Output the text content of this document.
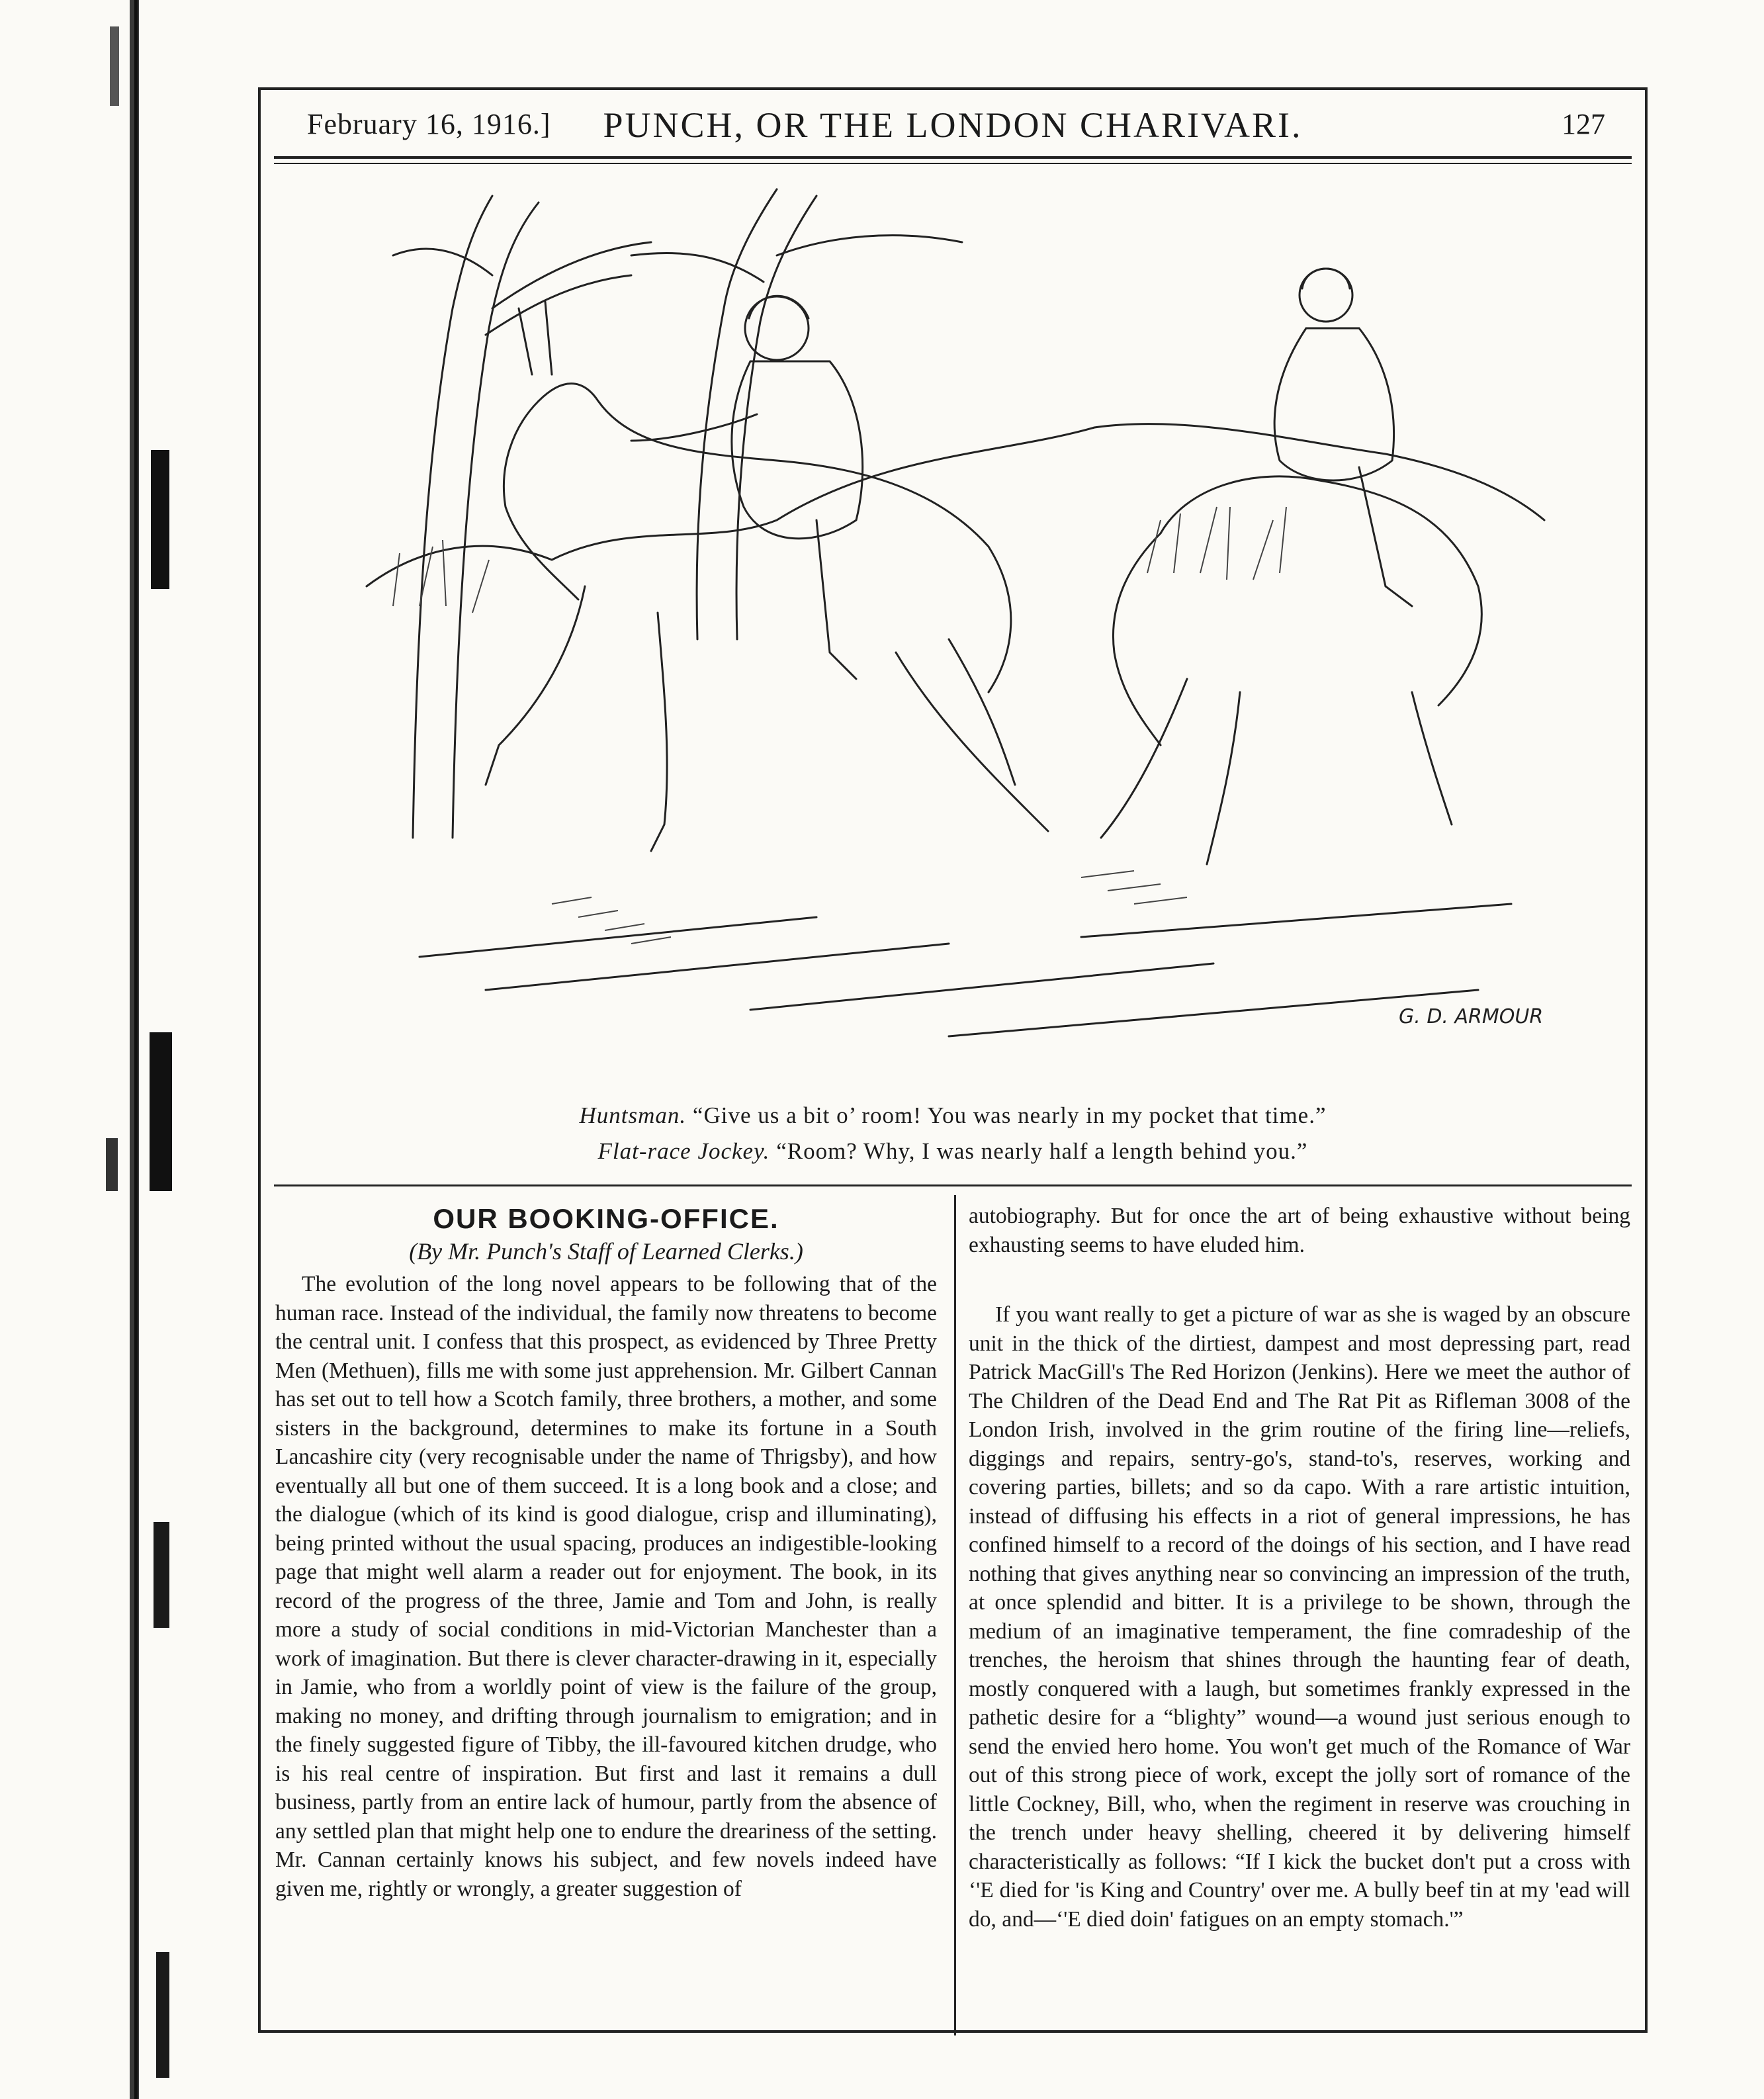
February 16, 1916.]	PUNCH, OR THE LONDON CHARIVARI.	127
G. D. ARMOUR
Huntsman. “Give us a bit o’ room! You was nearly in my pocket that time.”
Flat-race Jockey. “Room? Why, I was nearly half a length behind you.”
OUR BOOKING-OFFICE.
(By Mr. Punch's Staff of Learned Clerks.)

The evolution of the long novel appears to be following that of the human race. Instead of the individual, the family now threatens to become the central unit. I confess that this prospect, as evidenced by Three Pretty Men (Methuen), fills me with some just apprehension. Mr. Gilbert Cannan has set out to tell how a Scotch family, three brothers, a mother, and some sisters in the background, determines to make its fortune in a South Lancashire city (very recognisable under the name of Thrigsby), and how eventually all but one of them succeed. It is a long book and a close; and the dialogue (which of its kind is good dialogue, crisp and illuminating), being printed without the usual spacing, produces an indigestible-looking page that might well alarm a reader out for enjoyment. The book, in its record of the progress of the three, Jamie and Tom and John, is really more a study of social conditions in mid-Victorian Manchester than a work of imagination. But there is clever character-drawing in it, especially in Jamie, who from a worldly point of view is the failure of the group, making no money, and drifting through journalism to emigration; and in the finely suggested figure of Tibby, the ill-favoured kitchen drudge, who is his real centre of inspiration. But first and last it remains a dull business, partly from an entire lack of humour, partly from the absence of any settled plan that might help one to endure the dreariness of the setting. Mr. Cannan certainly knows his subject, and few novels indeed have given me, rightly or wrongly, a greater suggestion of

autobiography. But for once the art of being exhaustive without being exhausting seems to have eluded him.

If you want really to get a picture of war as she is waged by an obscure unit in the thick of the dirtiest, dampest and most depressing part, read Patrick MacGill's The Red Horizon (Jenkins). Here we meet the author of The Children of the Dead End and The Rat Pit as Rifleman 3008 of the London Irish, involved in the grim routine of the firing line—reliefs, diggings and repairs, sentry-go's, stand-to's, reserves, working and covering parties, billets; and so da capo. With a rare artistic intuition, instead of diffusing his effects in a riot of general impressions, he has confined himself to a record of the doings of his section, and I have read nothing that gives anything near so convincing an impression of the truth, at once splendid and bitter. It is a privilege to be shown, through the medium of an imaginative temperament, the fine comradeship of the trenches, the heroism that shines through the haunting fear of death, mostly conquered with a laugh, but sometimes frankly expressed in the pathetic desire for a “blighty” wound—a wound just serious enough to send the envied hero home. You won't get much of the Romance of War out of this strong piece of work, except the jolly sort of romance of the little Cockney, Bill, who, when the regiment in reserve was crouching in the trench under heavy shelling, cheered it by delivering himself characteristically as follows: “If I kick the bucket don't put a cross with ‘'E died for 'is King and Country' over me. A bully beef tin at my 'ead will do, and—‘'E died doin' fatigues on an empty stomach.'”
